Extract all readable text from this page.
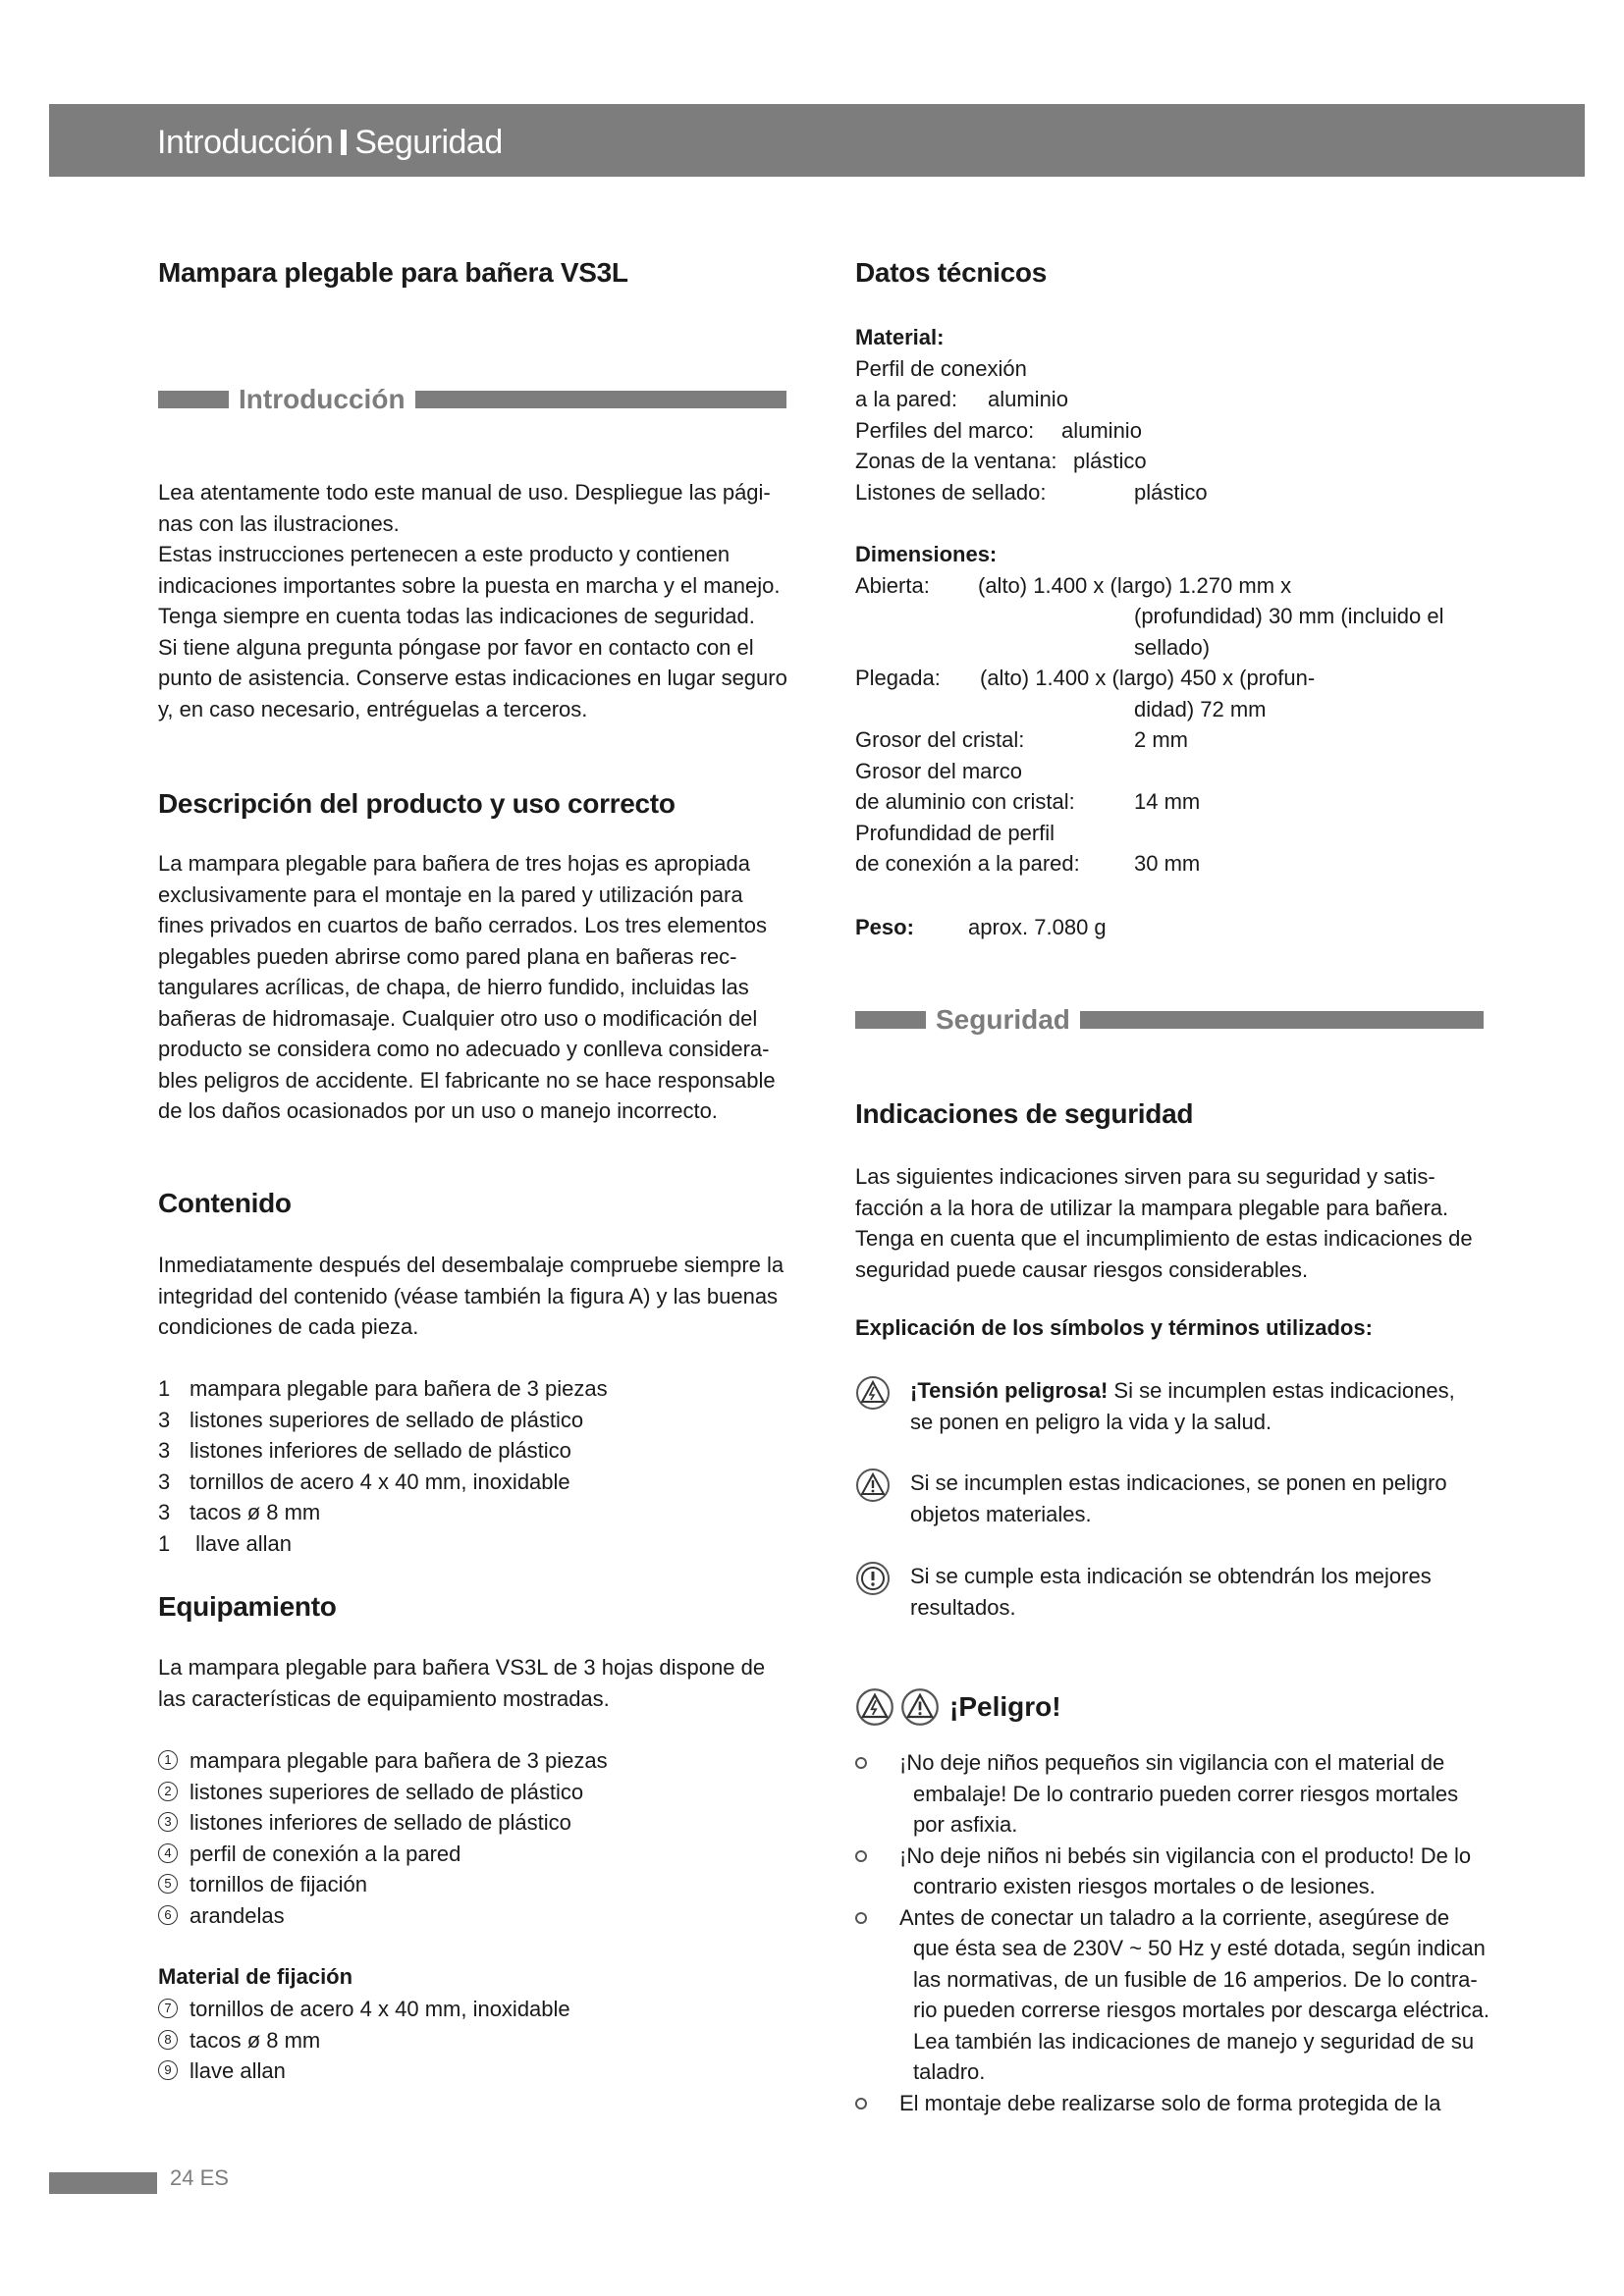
Introducción Seguridad
Mampara plegable para bañera VS3L
Introducción
Lea atentamente todo este manual de uso. Despliegue las pági-
nas con las ilustraciones.
Estas instrucciones pertenecen a este producto y contienen
indicaciones importantes sobre la puesta en marcha y el manejo.
Tenga siempre en cuenta todas las indicaciones de seguridad.
Si tiene alguna pregunta póngase por favor en contacto con el
punto de asistencia. Conserve estas indicaciones en lugar seguro
y, en caso necesario, entréguelas a terceros.
Descripción del producto y uso correcto
La mampara plegable para bañera de tres hojas es apropiada
exclusivamente para el montaje en la pared y utilización para
fines privados en cuartos de baño cerrados. Los tres elementos
plegables pueden abrirse como pared plana en bañeras rec-
tangulares acrílicas, de chapa, de hierro fundido, incluidas las
bañeras de hidromasaje. Cualquier otro uso o modificación del
producto se considera como no adecuado y conlleva considera-
bles peligros de accidente. El fabricante no se hace responsable
de los daños ocasionados por un uso o manejo incorrecto.
Contenido
Inmediatamente después del desembalaje compruebe siempre la
integridad del contenido (véase también la figura A) y las buenas
condiciones de cada pieza.
1 mampara plegable para bañera de 3 piezas
3 listones superiores de sellado de plástico
3 listones inferiores de sellado de plástico
3 tornillos de acero 4 x 40 mm, inoxidable
3 tacos ø 8 mm
1 llave allan
Equipamiento
La mampara plegable para bañera VS3L de 3 hojas dispone de
las características de equipamiento mostradas.
1 mampara plegable para bañera de 3 piezas
2 listones superiores de sellado de plástico
3 listones inferiores de sellado de plástico
4 perfil de conexión a la pared
5 tornillos de fijación
6 arandelas
Material de fijación
7 tornillos de acero 4 x 40 mm, inoxidable
8 tacos ø 8 mm
9 llave allan
Datos técnicos
Material:
Perfil de conexión
a la pared: aluminio
Perfiles del marco: aluminio
Zonas de la ventana: plástico
Listones de sellado:	plástico
Dimensiones:
Abierta: (alto) 1.400 x (largo) 1.270 mm x
(profundidad) 30 mm (incluido el
sellado)
Plegada: (alto) 1.400 x (largo) 450 x (profun-
didad) 72 mm
Grosor del cristal:	2 mm
Grosor del marco
de aluminio con cristal:	14 mm
Profundidad de perfil
de conexión a la pared:	30 mm
Peso:	aprox. 7.080 g
Seguridad
Indicaciones de seguridad
Las siguientes indicaciones sirven para su seguridad y satis-
facción a la hora de utilizar la mampara plegable para bañera.
Tenga en cuenta que el incumplimiento de estas indicaciones de
seguridad puede causar riesgos considerables.
Explicación de los símbolos y términos utilizados:
¡Tensión peligrosa! Si se incumplen estas indicaciones,
se ponen en peligro la vida y la salud.
Si se incumplen estas indicaciones, se ponen en peligro
objetos materiales.
Si se cumple esta indicación se obtendrán los mejores
resultados.
¡Peligro!
¡No deje niños pequeños sin vigilancia con el material de
embalaje! De lo contrario pueden correr riesgos mortales
por asfixia.
¡No deje niños ni bebés sin vigilancia con el producto! De lo
contrario existen riesgos mortales o de lesiones.
Antes de conectar un taladro a la corriente, asegúrese de
que ésta sea de 230V ~ 50 Hz y esté dotada, según indican
las normativas, de un fusible de 16 amperios. De lo contra-
rio pueden correrse riesgos mortales por descarga eléctrica.
Lea también las indicaciones de manejo y seguridad de su
taladro.
El montaje debe realizarse solo de forma protegida de la
24 ES
